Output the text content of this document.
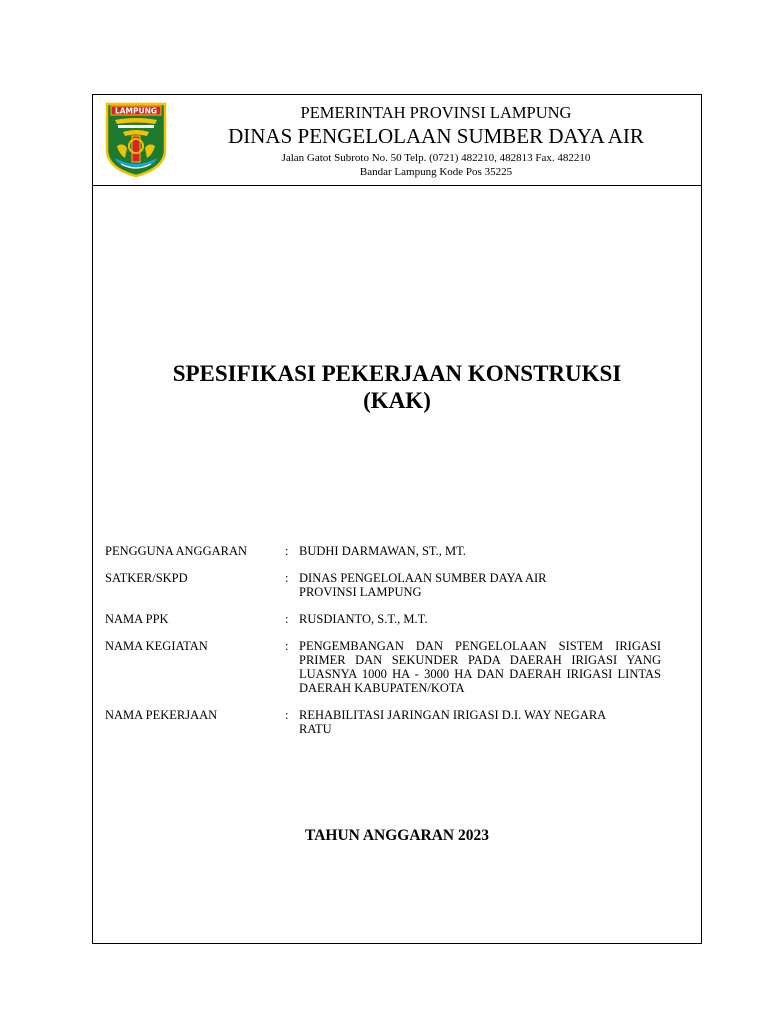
LAMPUNG	PEMERINTAH PROVINSI LAMPUNG
DINAS PENGELOLAAN SUMBER DAYA AIR
Jalan Gatot Subroto No. 50 Telp. (0721) 482210, 482813 Fax. 482210
Bandar Lampung Kode Pos 35225
SPESIFIKASI PEKERJAAN KONSTRUKSI
(KAK)
PENGGUNA ANGGARAN	: BUDHI DARMAWAN, ST., MT.
SATKER/SKPD	: DINAS PENGELOLAAN SUMBER DAYA AIR PROVINSI LAMPUNG
NAMA PPK	: RUSDIANTO, S.T., M.T.
NAMA KEGIATAN	: PENGEMBANGAN DAN PENGELOLAAN SISTEM IRIGASI PRIMER DAN SEKUNDER PADA DAERAH IRIGASI YANG LUASNYA 1000 HA - 3000 HA DAN DAERAH IRIGASI LINTAS DAERAH KABUPATEN/KOTA
NAMA PEKERJAAN	: REHABILITASI JARINGAN IRIGASI D.I. WAY NEGARA RATU
TAHUN ANGGARAN 2023
